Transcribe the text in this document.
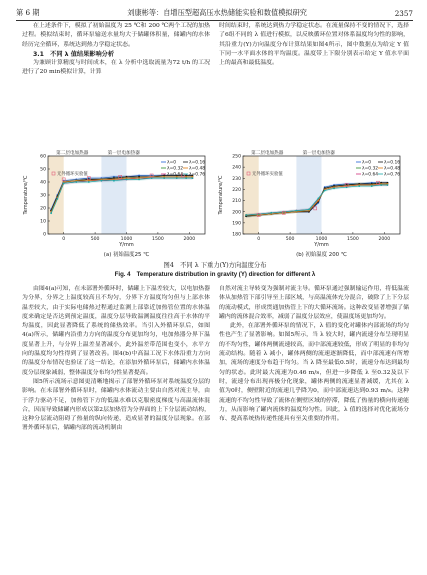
第 6 期	刘康彬等：自增压型超高压水热储能实验和数值模拟研究	2357

在上述条件下，模拟了初始温度为 25 ℃和 200 ℃两个工况的加热过程。模拟结束时，循环泵输送水量均大于储罐体积量，储罐内的水体经历完全循环，系统达到热力学稳定状态。

3.1　不同 λ 值结果影响分析

为兼顾计算精度与时间成本，在 λ 分析中选取流量为72 t/h 的工况进行了20 min模拟计算，计算

时间结束时，系统达到热力学稳定状态。在流量保持不变的情况下，选择了6组不同的 λ 值进行模拟，以反映循环位置对体系温度均匀性的影响，其沿重力(Y)方向温度分布计算结果如图4所示，图中数据点为给定 Y 值下同一水平面水体的平均温度。温度带上下限分别表示给定 Y 值水平面上的最高和最低温度。

0
10
20
30
40
50
60
0	500	1000	1500	2000
Y/mm
Temperature/℃
第二层电加热器	第一层电加热器
λ=0
λ=0.32
λ=0.64
λ=0.16
λ=0.48
λ=0.76
无外循环实验值
(a) 初始温度25 ℃
180
190
200
210
220
230
240
250
0	500	1000	1500	2000
Y/mm
Temperature/℃
第二层电加热器	第一层电加热器
λ=0
λ=0.32
λ=0.64
λ=0.16
λ=0.48
λ=0.76
无外循环实验值
(b) 初始温度 200 ℃
图4　不同 λ 下重力(Y)方向温度分布
Fig. 4　Temperature distribution in gravity (Y) direction for different λ

由图4(a)可知，在未部署外循环时，储罐上下温差较大，以电加热器为分界，分界之上温度较高且不均匀，分界下方温度均匀但与上部水体温差较大，由于实际电储热过程通过监测上部靠近加热管位置的水体温度来确定是否达到预定温度，温度分层导致温测温度往往高于水体的平均温度，因此显著降低了系统的储热效率。当引入外循环泵后，如图4(a)所示，储罐内沿重力方向的温度分布更加均匀，电加热器分界下温度显著上升，与分界上温差显著减小，此外温差带范围也变小，水平方向的温度均匀性得到了显著改善。图4(b)中高温工况下水体沿重力方向的温度分布情况也验证了这一结论，在添加外循环泵后，储罐内水体温度分层现象减弱，整体温度分布均匀性显著提高。

图5所示流场示意图更清晰地揭示了部署外循环泵对系统温度分层的影响。在未部署外循环泵时，储罐内水体流动主要由自然对流主导，由于浮力驱动不足，加热管下方的低温水难以克服密度梯度与高温流体混合，因而导致储罐内形成以第2层加热管为分界面的上下分层流动结构，这种分层流动阻碍了热量的纵向传递，造成显著的温度分层现象。在部署外循环泵后，储罐内部的流动机制由

自然对流主导转变为强制对流主导。循环泵通过强制输运作用，将低温流体从加热管下部引导至上部区域，与高温流体充分混合，破除了上下分层的流动模式，形成贯通加热管上下的大循环流场。这种改变显著增强了储罐内的流体混合效率，减弱了温度分层效应，使温度场更加均匀。

此外，在部署外循环泵的情况下，λ 值的变化对罐体内部流场的均匀性也产生了显著影响。如图5所示，当 λ 较大时，罐内流速分布呈现明显的不均匀性，罐体两侧流速较高，而中部流速较低，形成了明显的非均匀流动结构。随着 λ 减小，罐体两侧的流速逐渐降低，而中部流速有所增加，流场的速度分布趋于均匀。当 λ 降至最低0.5时，流速分布达到最均匀的状态。此时最大流速为0.46 m/s，但进一步降低 λ 至0.32及以下时，流速分布出现再极分化现象，罐体两侧的流速显著减缓，尤其在 λ 值为0时，侧壁附近的流速几乎降为0，而中部流速达到0.93 m/s。这种流速的不均匀性导致了流体在侧壁区域的停滞，降低了热量的横向传递能力，从而影响了罐内流体的温度均匀性。因此，λ 值的选择对优化流场分布、提高系统热传递性能具有至关重要的作用。
